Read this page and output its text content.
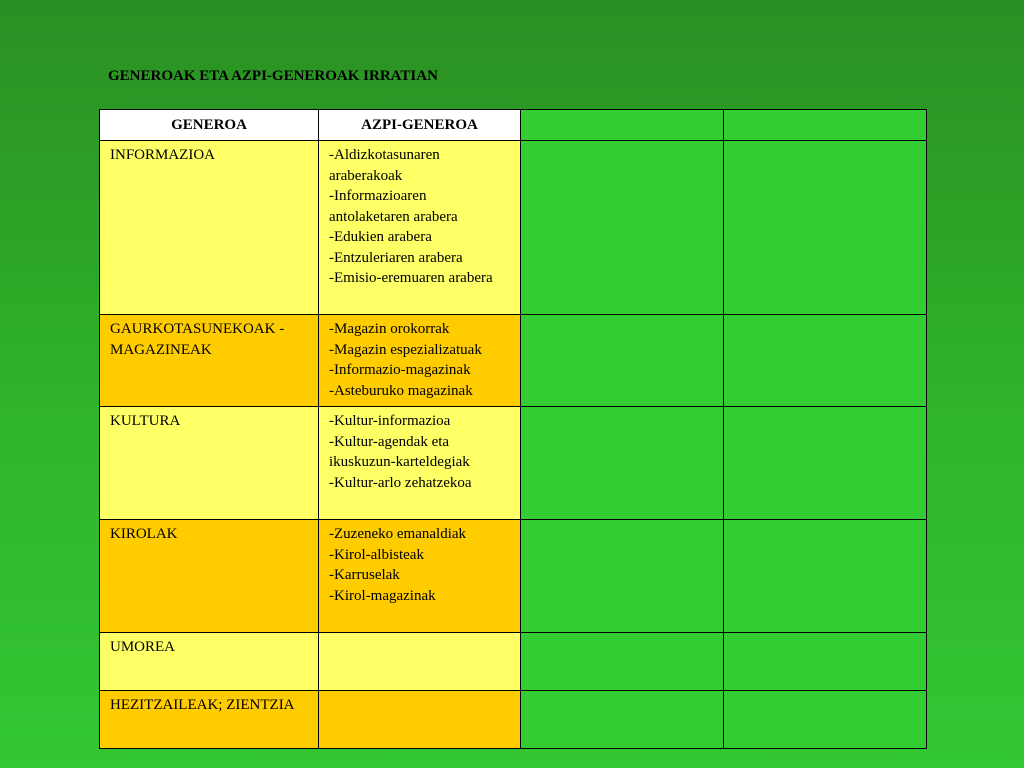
GENEROAK ETA AZPI-GENEROAK IRRATIAN
GENEROA	AZPI-GENEROA		
INFORMAZIOA	-Aldizkotasunaren araberakoak
-Informazioaren antolaketaren arabera
-Edukien arabera
-Entzuleriaren arabera
-Emisio-eremuaren arabera		

GAURKOTASUNEKOAK -MAGAZINEAK	-Magazin orokorrak
-Magazin espezializatuak
-Informazio-magazinak
-Asteburuko magazinak		

KULTURA	-Kultur-informazioa
-Kultur-agendak eta ikuskuzun-karteldegiak
-Kultur-arlo zehatzekoa		

KIROLAK	-Zuzeneko emanaldiak
-Kirol-albisteak
-Karruselak
-Kirol-magazinak		

UMOREA			
HEZITZAILEAK; ZIENTZIA			
